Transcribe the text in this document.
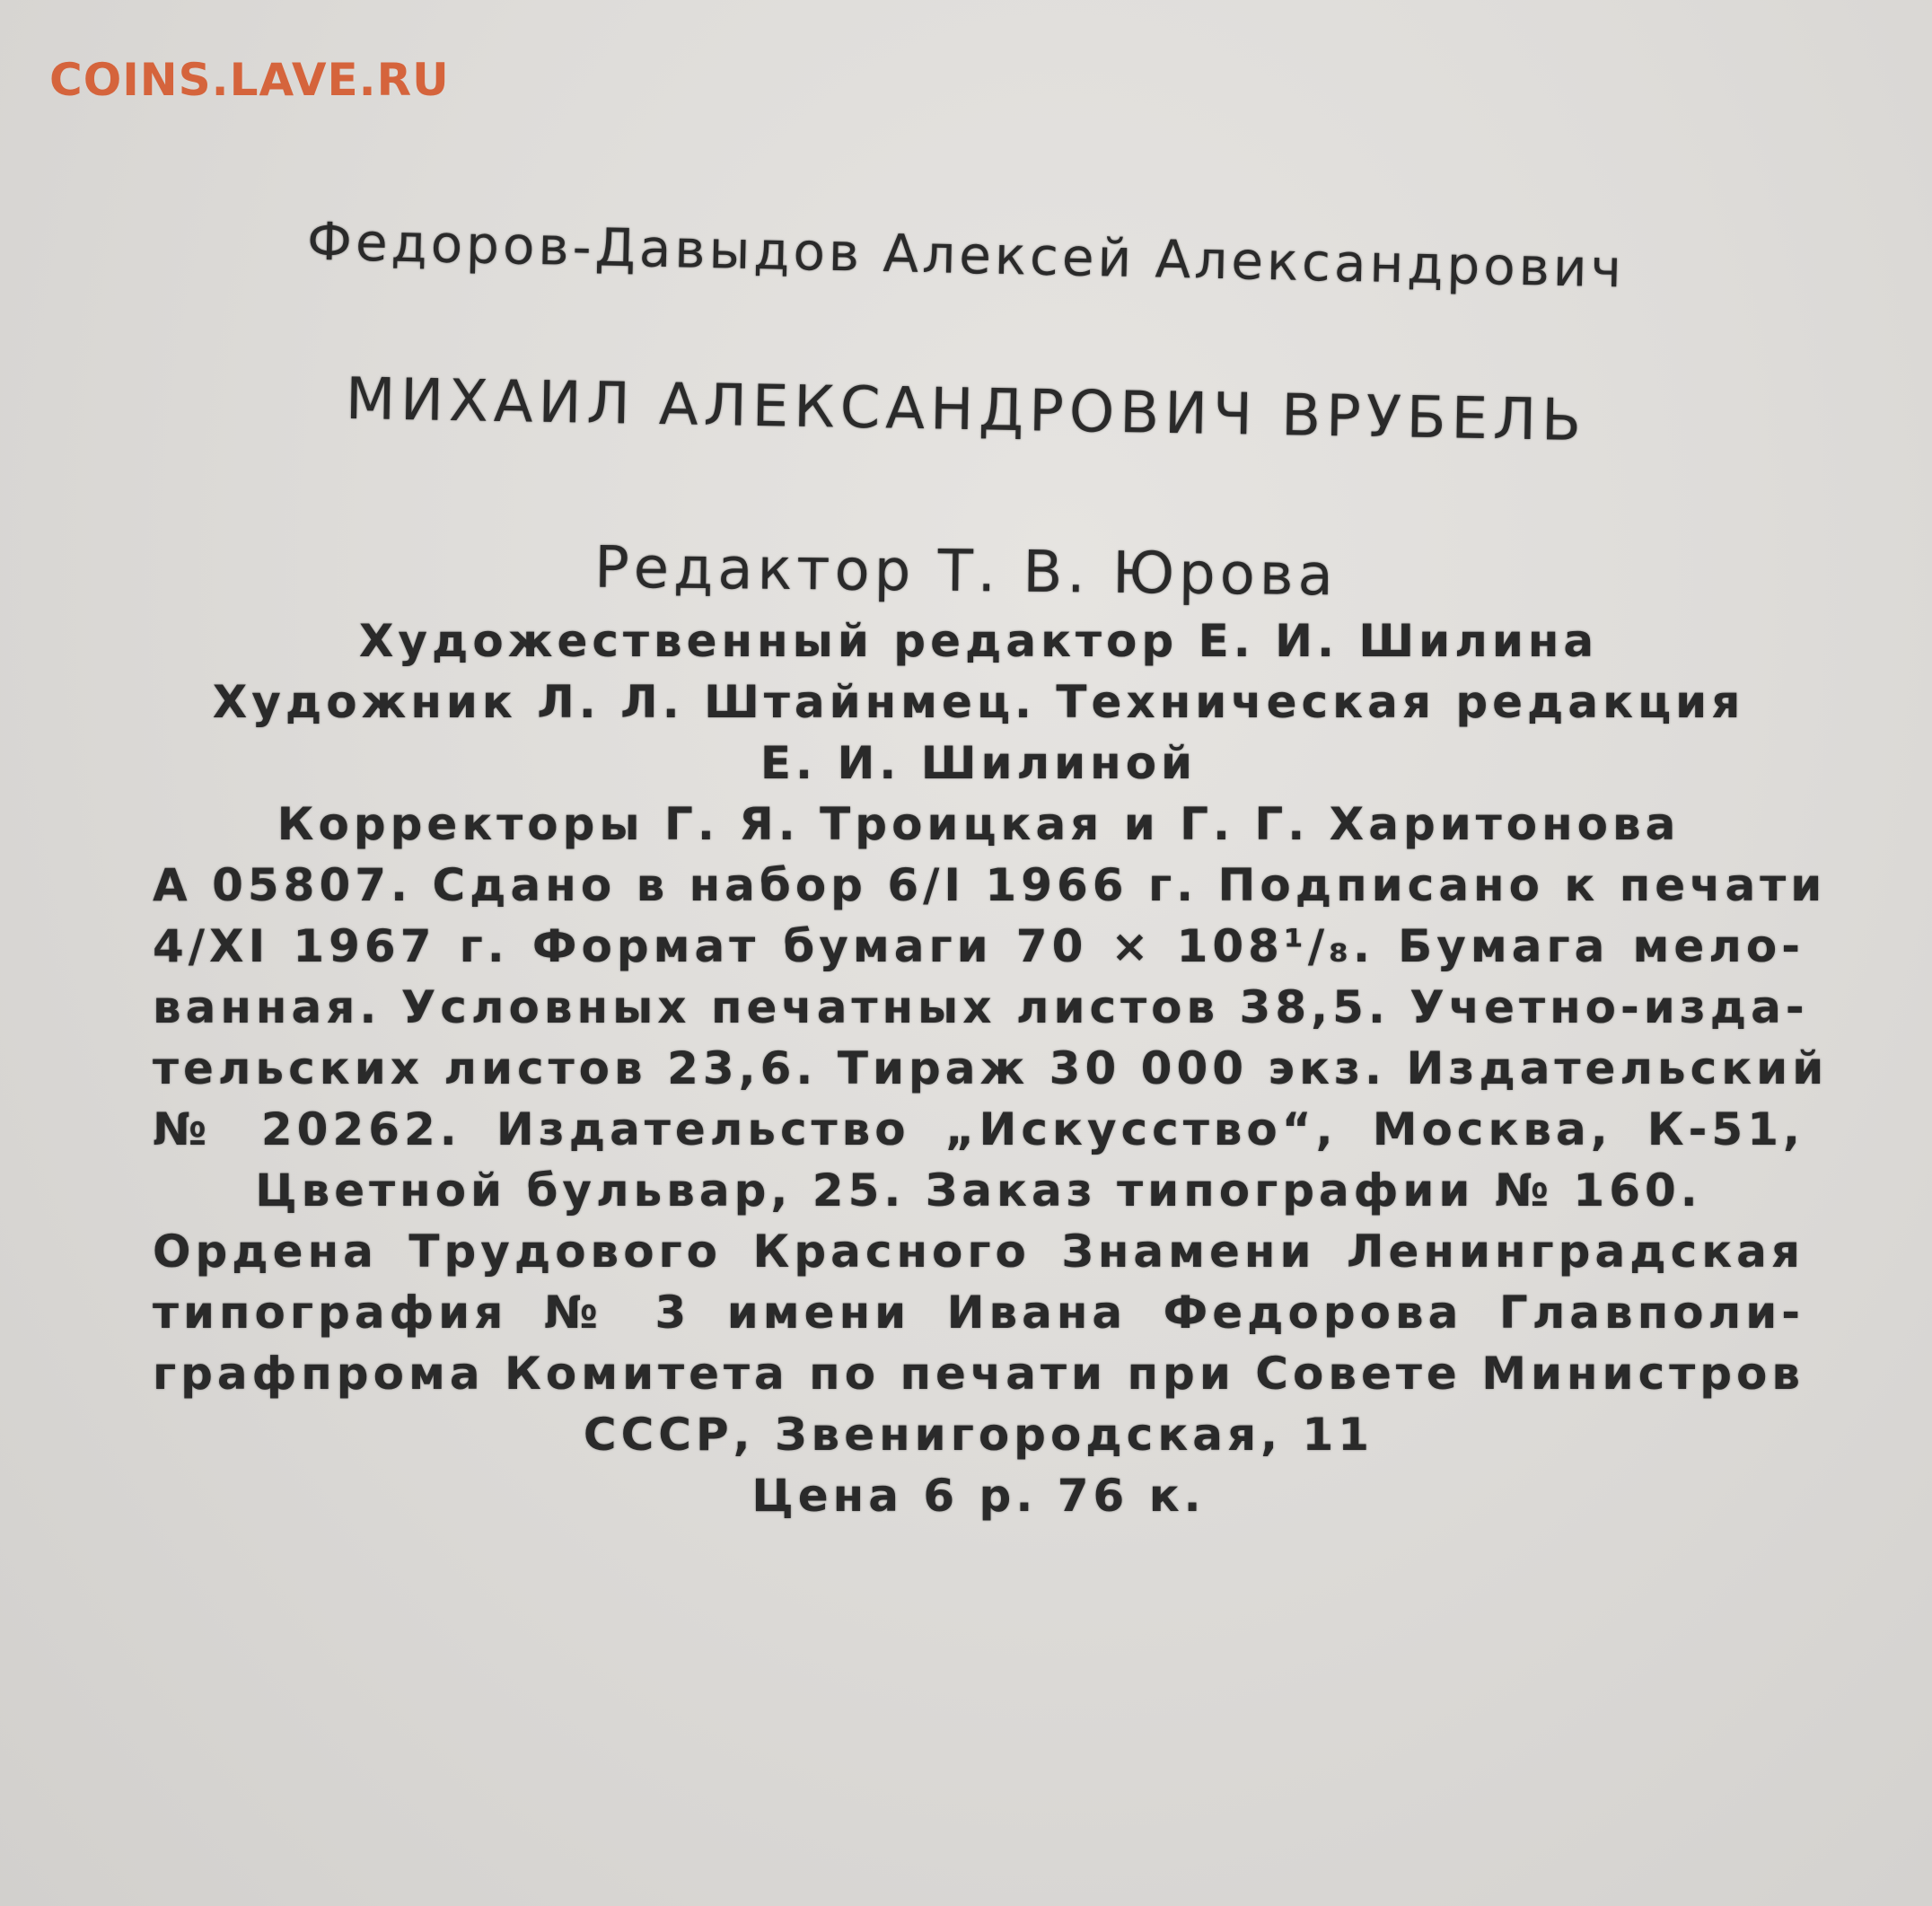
COINS.LAVE.RU
Федоров-Давыдов Алексей Александрович
МИХАИЛ АЛЕКСАНДРОВИЧ ВРУБЕЛЬ
Редактор Т. В. Юрова
Художественный редактор Е. И. Шилина
Художник Л. Л. Штайнмец. Техническая редакция
Е. И. Шилиной
Корректоры Г. Я. Троицкая и Г. Г. Харитонова
А 05807. Сдано в набор 6/I 1966 г. Подписано к печати
4/XI 1967 г. Формат бумаги 70 × 108¹/₈. Бумага мело-
ванная. Условных печатных листов 38,5. Учетно-изда-
тельских листов 23,6. Тираж 30 000 экз. Издательский
№ 20262. Издательство „Искусство“, Москва, К-51,
Цветной бульвар, 25. Заказ типографии № 160.
Ордена Трудового Красного Знамени Ленинградская
типография № 3 имени Ивана Федорова Главполи-
графпрома Комитета по печати при Совете Министров
СССР, Звенигородская, 11
Цена 6 р. 76 к.
